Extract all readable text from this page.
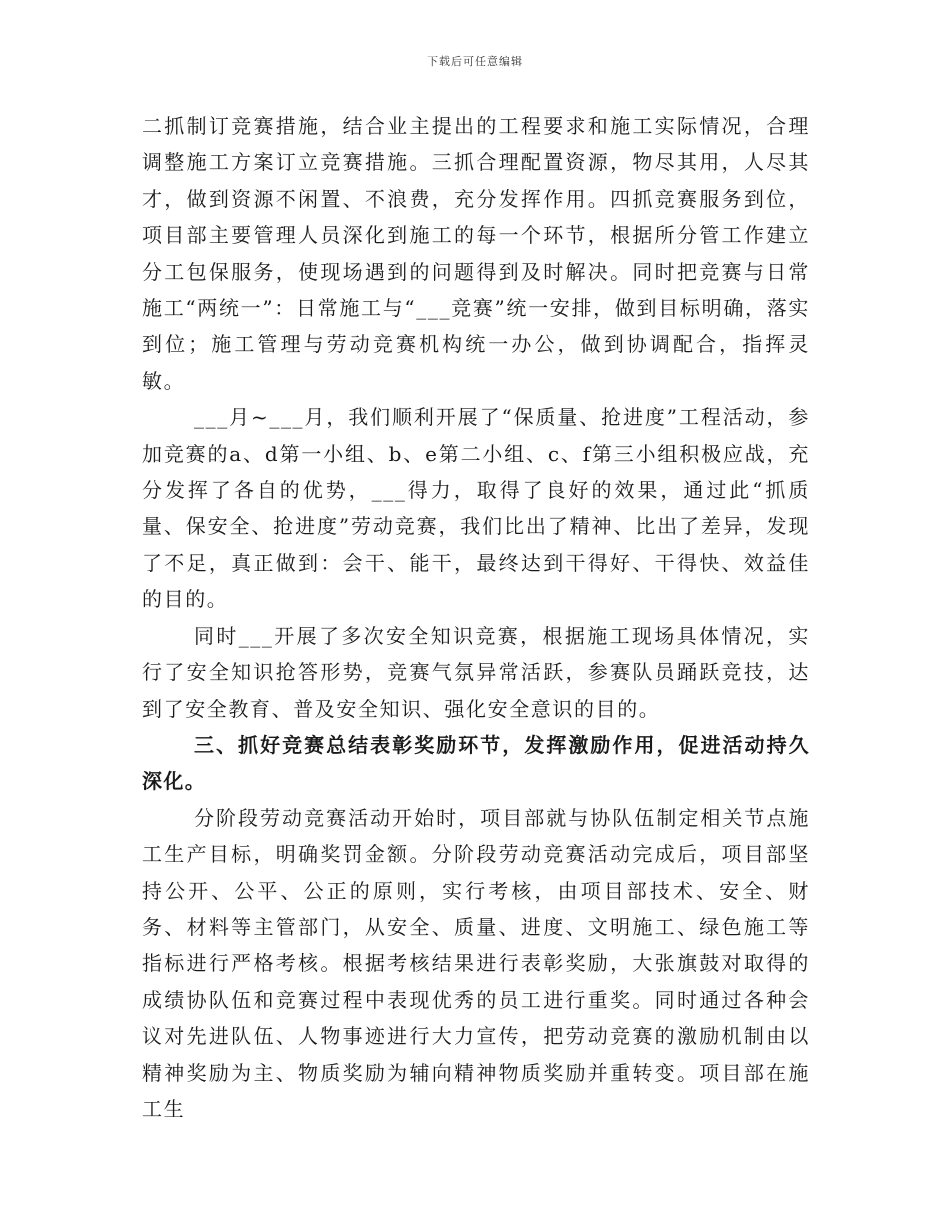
下载后可任意编辑

二抓制订竞赛措施，结合业主提出的工程要求和施工实际情况，合理调整施工方案订立竞赛措施。三抓合理配置资源，物尽其用，人尽其才，做到资源不闲置、不浪费，充分发挥作用。四抓竞赛服务到位，项目部主要管理人员深化到施工的每一个环节，根据所分管工作建立分工包保服务，使现场遇到的问题得到及时解决。同时把竞赛与日常施工“两统一”：日常施工与“___竞赛”统一安排，做到目标明确，落实到位；施工管理与劳动竞赛机构统一办公，做到协调配合，指挥灵敏。

___月~___月，我们顺利开展了“保质量、抢进度”工程活动，参加竞赛的a、d第一小组、b、e第二小组、c、f第三小组积极应战，充分发挥了各自的优势，___得力，取得了良好的效果，通过此“抓质量、保安全、抢进度”劳动竞赛，我们比出了精神、比出了差异，发现了不足，真正做到：会干、能干，最终达到干得好、干得快、效益佳的目的。

同时___开展了多次安全知识竞赛，根据施工现场具体情况，实行了安全知识抢答形势，竞赛气氛异常活跃，参赛队员踊跃竞技，达到了安全教育、普及安全知识、强化安全意识的目的。

三、抓好竞赛总结表彰奖励环节，发挥激励作用，促进活动持久深化。

分阶段劳动竞赛活动开始时，项目部就与协队伍制定相关节点施工生产目标，明确奖罚金额。分阶段劳动竞赛活动完成后，项目部坚持公开、公平、公正的原则，实行考核，由项目部技术、安全、财务、材料等主管部门，从安全、质量、进度、文明施工、绿色施工等指标进行严格考核。根据考核结果进行表彰奖励，大张旗鼓对取得的成绩协队伍和竞赛过程中表现优秀的员工进行重奖。同时通过各种会议对先进队伍、人物事迹进行大力宣传，把劳动竞赛的激励机制由以精神奖励为主、物质奖励为辅向精神物质奖励并重转变。项目部在施工生
